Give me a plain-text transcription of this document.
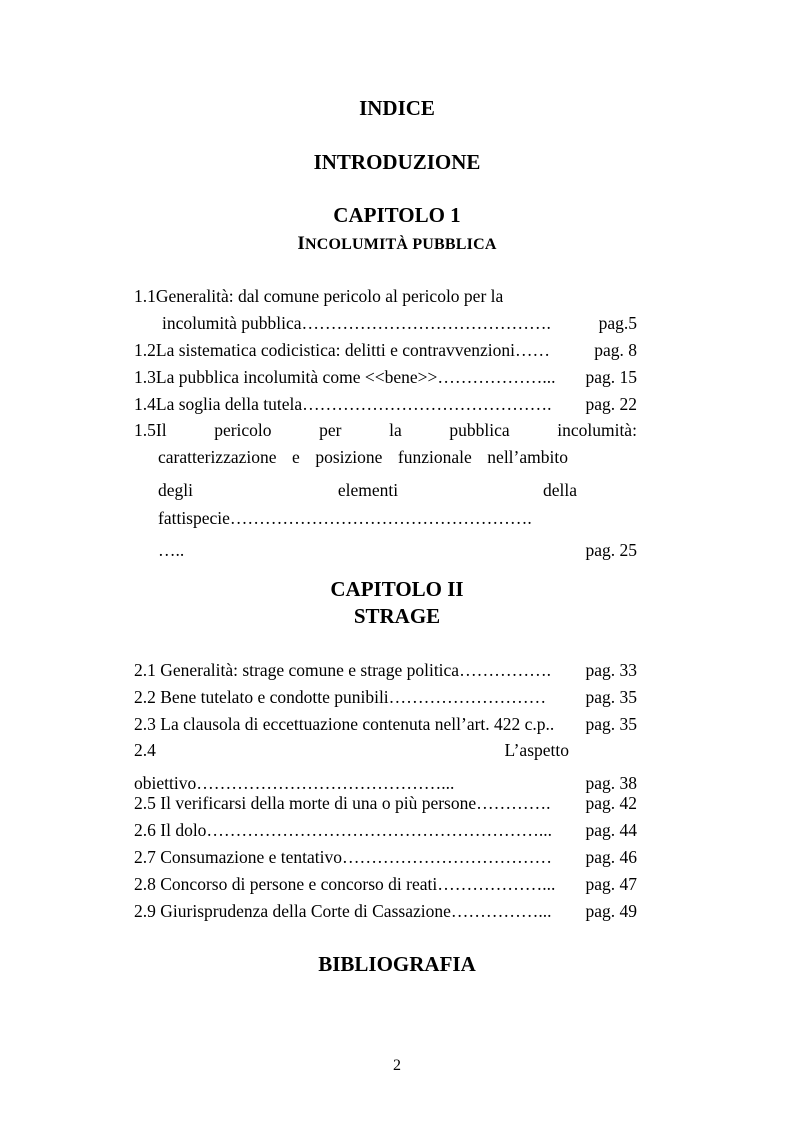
INDICE
INTRODUZIONE
CAPITOLO 1
INCOLUMITÀ PUBBLICA
1.1Generalità: dal comune pericolo al pericolo per la
incolumità pubblica…………………………………….	pag.5
1.2La sistematica codicistica: delitti e contravvenzioni……	pag. 8
1.3La pubblica incolumità come <<bene>>………………... pag. 15
1.4La soglia della tutela……………………………………. pag. 22
1.5Il	pericolo	per	la	pubblica	incolumità:
caratterizzazione e posizione funzionale nell’ambito
degli	elementi	della
fattispecie…………………………………………….
…..	pag. 25
CAPITOLO II
STRAGE
2.1 Generalità: strage comune e strage politica……………. pag. 33
2.2 Bene tutelato e condotte punibili……………………… pag. 35
2.3 La clausola di eccettuazione contenuta nell’art. 422 c.p.. pag. 35
2.4	L’aspetto
obiettivo……………………………………...	pag. 38
2.5 Il verificarsi della morte di una o più persone…………. pag. 42
2.6 Il dolo…………………………………………………... pag. 44
2.7 Consumazione e tentativo……………………………… pag. 46
2.8 Concorso di persone e concorso di reati………………... pag. 47
2.9 Giurisprudenza della Corte di Cassazione……………... pag. 49
BIBLIOGRAFIA
2
